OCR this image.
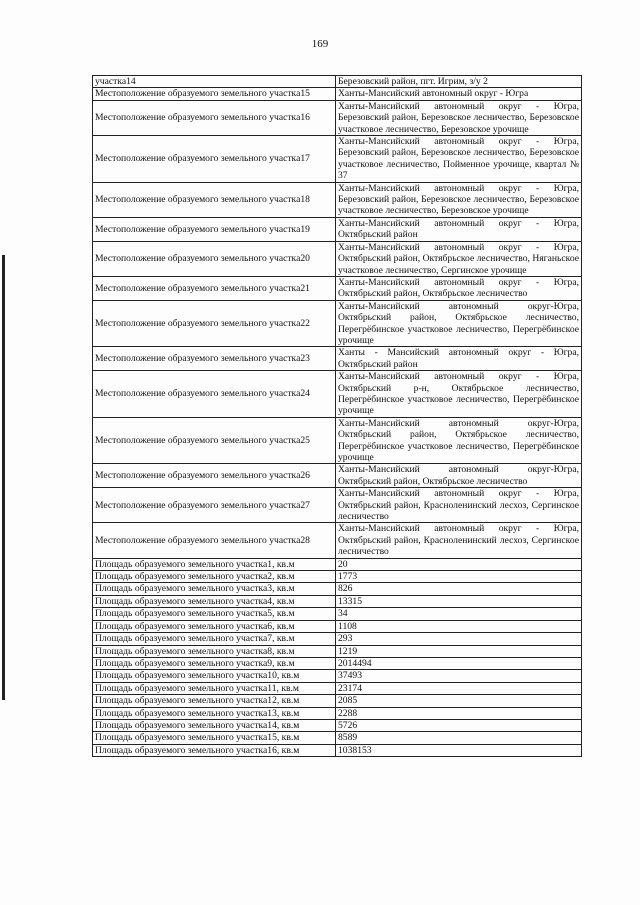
169
участка14	Березовский район, пгт. Игрим, з/у 2
Местоположение образуемого земельного участка15	Ханты-Мансийский автономный округ - Югра
Местоположение образуемого земельного участка16	Ханты-Мансийский автономный округ - Югра, Березовский район, Березовское лесничество, Березовское участковое лесничество, Березовское урочище
Местоположение образуемого земельного участка17	Ханты-Мансийский автономный округ - Югра, Березовский район, Березовское лесничество, Березовское участковое лесничество, Пойменное урочище, квартал № 37
Местоположение образуемого земельного участка18	Ханты-Мансийский автономный округ - Югра, Березовский район, Березовское лесничество, Березовское участковое лесничество, Березовское урочище
Местоположение образуемого земельного участка19	Ханты-Мансийский автономный округ - Югра, Октябрьский район
Местоположение образуемого земельного участка20	Ханты-Мансийский автономный округ - Югра, Октябрьский район, Октябрьское лесничество, Няганьское участковое лесничество, Сергинское урочище
Местоположение образуемого земельного участка21	Ханты-Мансийский автономный округ - Югра, Октябрьский район, Октябрьское лесничество
Местоположение образуемого земельного участка22	Ханты-Мансийский автономный округ-Югра, Октябрьский район, Октябрьское лесничество, Перегрёбинское участковое лесничество, Перегрёбинское урочище
Местоположение образуемого земельного участка23	Ханты - Мансийский автономный округ - Югра, Октябрьский район
Местоположение образуемого земельного участка24	Ханты-Мансийский автономный округ - Югра, Октябрьский р-н, Октябрьское лесничество, Перегрёбинское участковое лесничество, Перегрёбинское урочище
Местоположение образуемого земельного участка25	Ханты-Мансийский автономный округ-Югра, Октябрьский район, Октябрьское лесничество, Перегрёбинское участковое лесничество, Перегрёбинское урочище
Местоположение образуемого земельного участка26	Ханты-Мансийский автономный округ-Югра, Октябрьский район, Октябрьское лесничество
Местоположение образуемого земельного участка27	Ханты-Мансийский автономный округ - Югра, Октябрьский район, Красноленинский лесхоз, Сергинское лесничество
Местоположение образуемого земельного участка28	Ханты-Мансийский автономный округ - Югра, Октябрьский район, Красноленинский лесхоз, Сергинское лесничество
Площадь образуемого земельного участка1, кв.м	20
Площадь образуемого земельного участка2, кв.м	1773
Площадь образуемого земельного участка3, кв.м	826
Площадь образуемого земельного участка4, кв.м	13315
Площадь образуемого земельного участка5, кв.м	34
Площадь образуемого земельного участка6, кв.м	1108
Площадь образуемого земельного участка7, кв.м	293
Площадь образуемого земельного участка8, кв.м	1219
Площадь образуемого земельного участка9, кв.м	2014494
Площадь образуемого земельного участка10, кв.м	37493
Площадь образуемого земельного участка11, кв.м	23174
Площадь образуемого земельного участка12, кв.м	2085
Площадь образуемого земельного участка13, кв.м	2288
Площадь образуемого земельного участка14, кв.м	5726
Площадь образуемого земельного участка15, кв.м	8589
Площадь образуемого земельного участка16, кв.м	1038153
